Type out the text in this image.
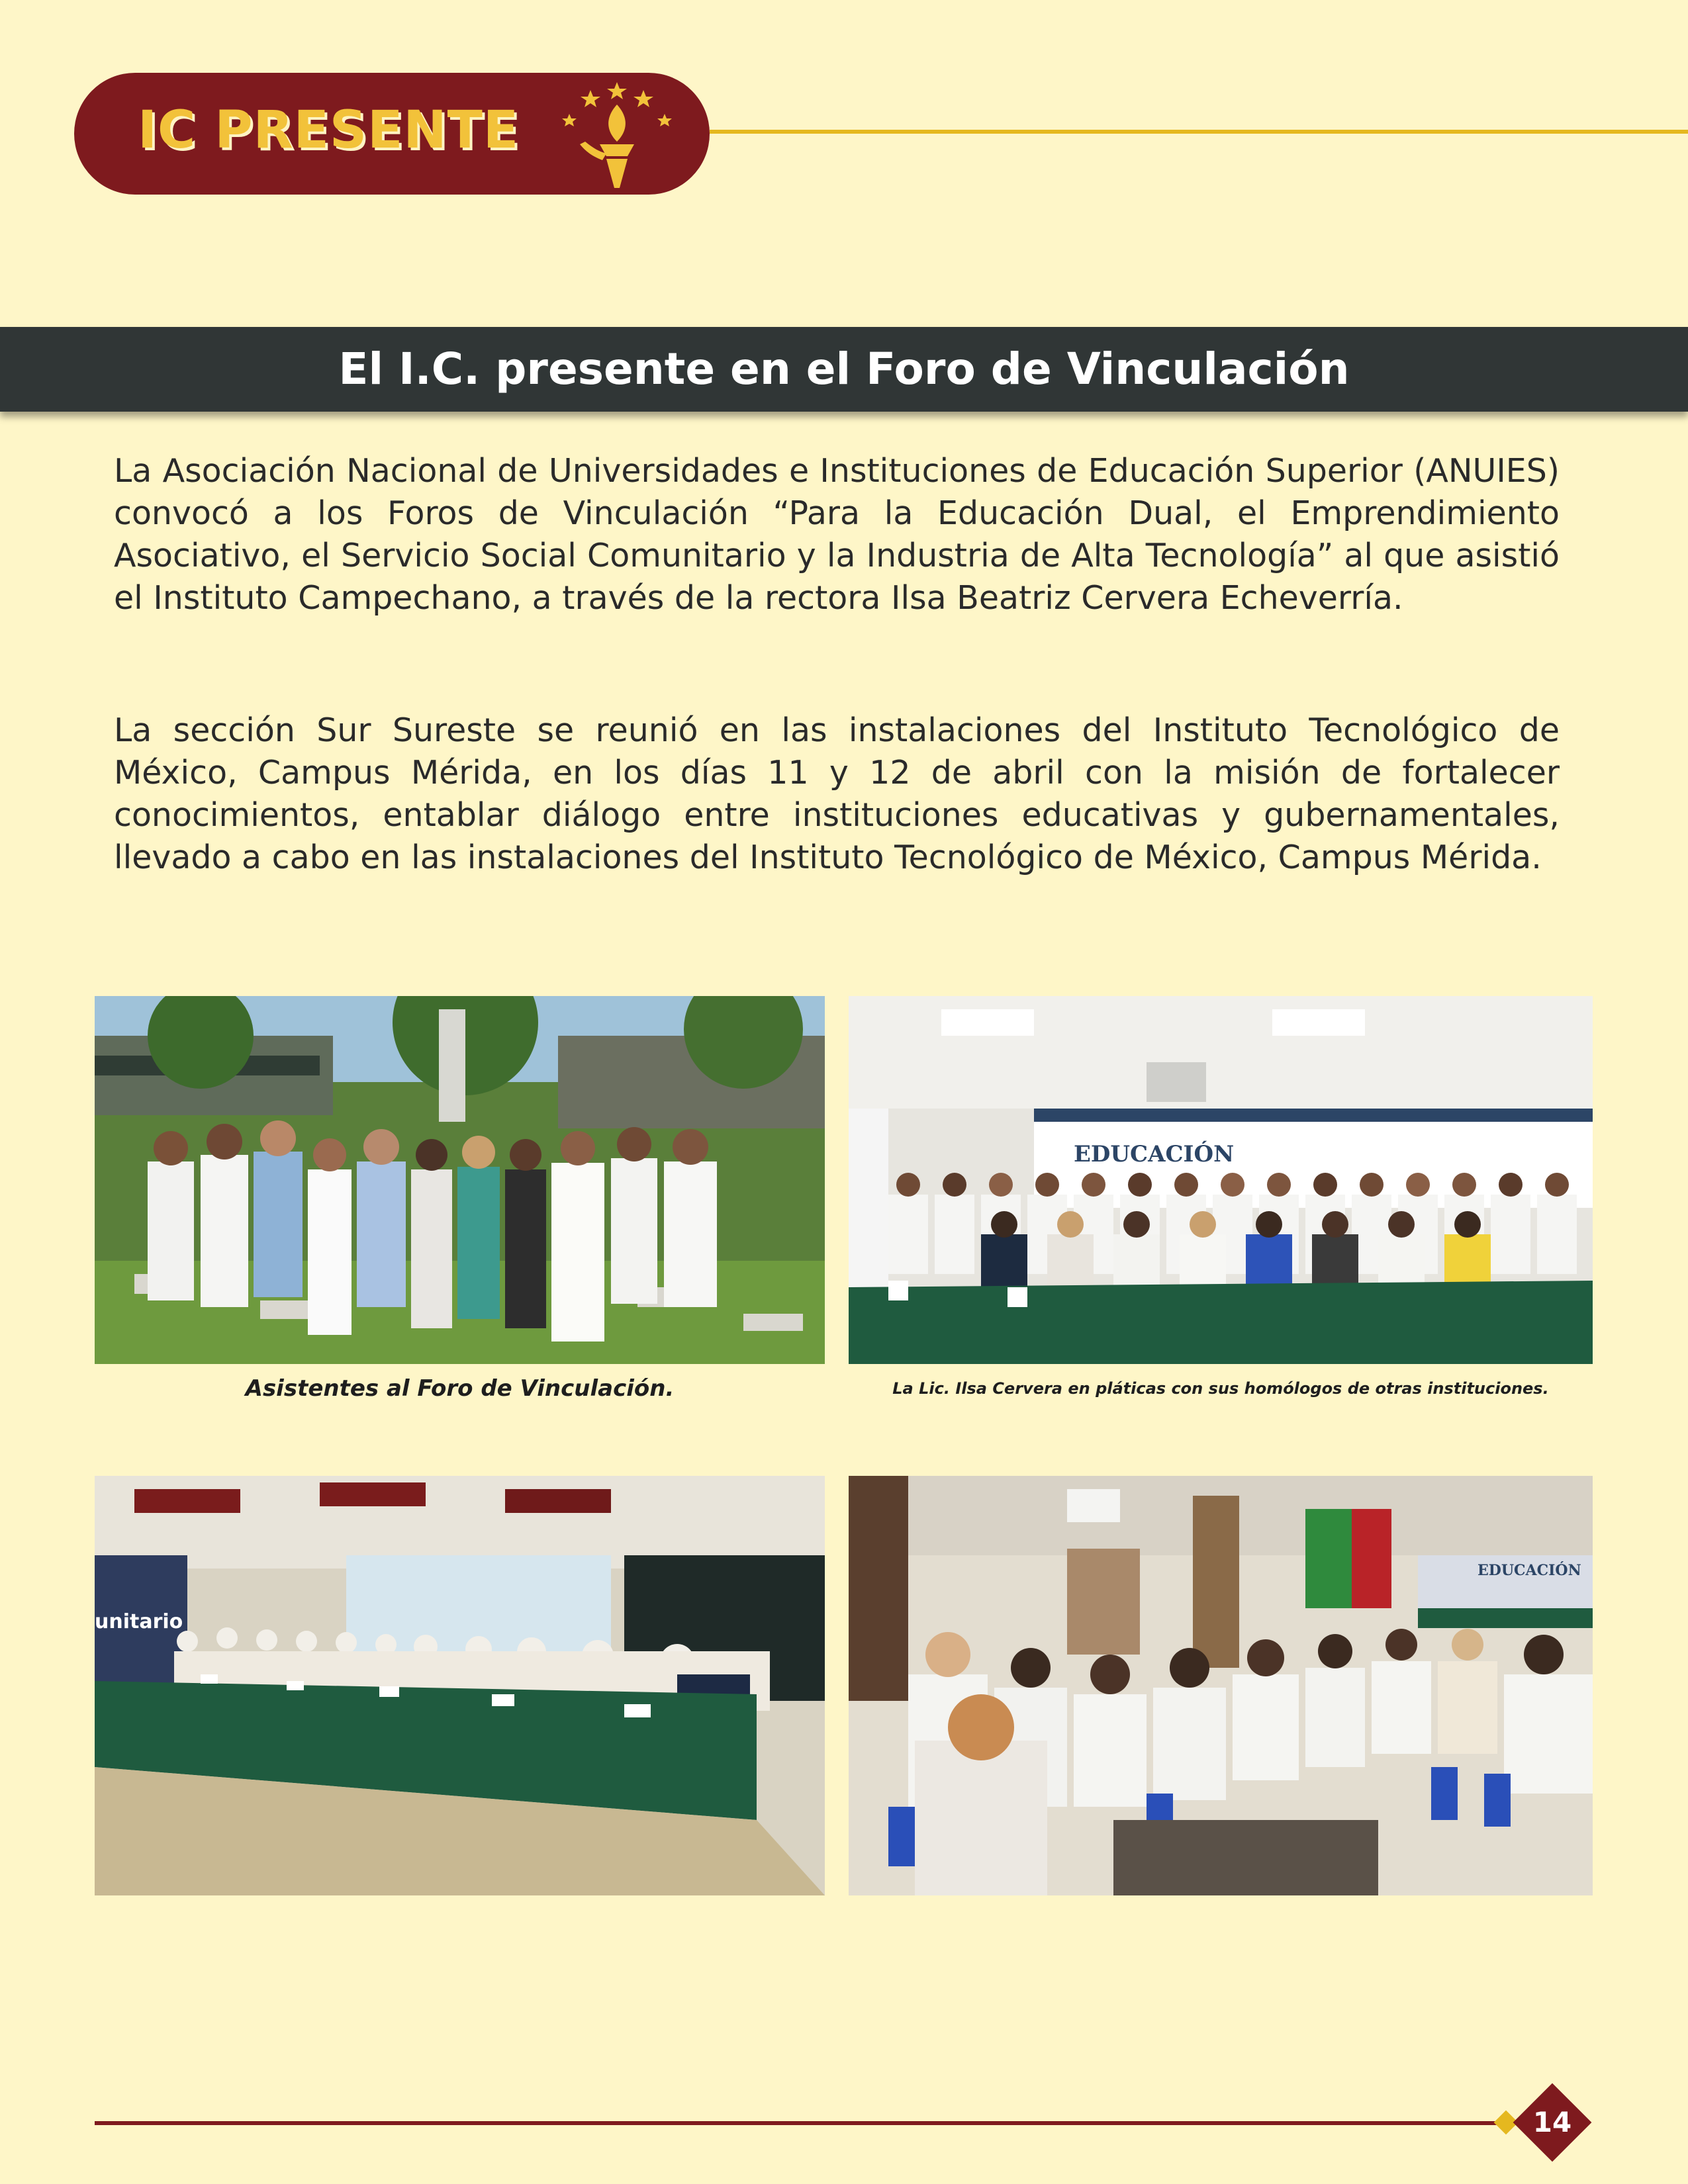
IC PRESENTE
El I.C. presente en el Foro de Vinculación

La Asociación Nacional de Universidades e Instituciones de Educación Superior (ANUIES) convocó a los Foros de Vinculación “Para la Educación Dual, el Emprendimiento Asociativo, el Servicio Social Comunitario y la Industria de Alta Tecnología” al que asistió el Instituto Campechano, a través de la rectora Ilsa Beatriz Cervera Echeverría.

La sección Sur Sureste se reunió en las instalaciones del Instituto Tecnológico de México, Campus Mérida, en los días 11 y 12 de abril con la misión de fortalecer conocimientos, entablar diálogo entre instituciones educativas y gubernamentales, llevado a cabo en las instalaciones del Instituto Tecnológico de México, Campus Mérida.

Asistentes al Foro de Vinculación.
EDUCACIÓN
La Lic. Ilsa Cervera en pláticas con sus homólogos de otras instituciones.
unitario
EDUCACIÓN
14
